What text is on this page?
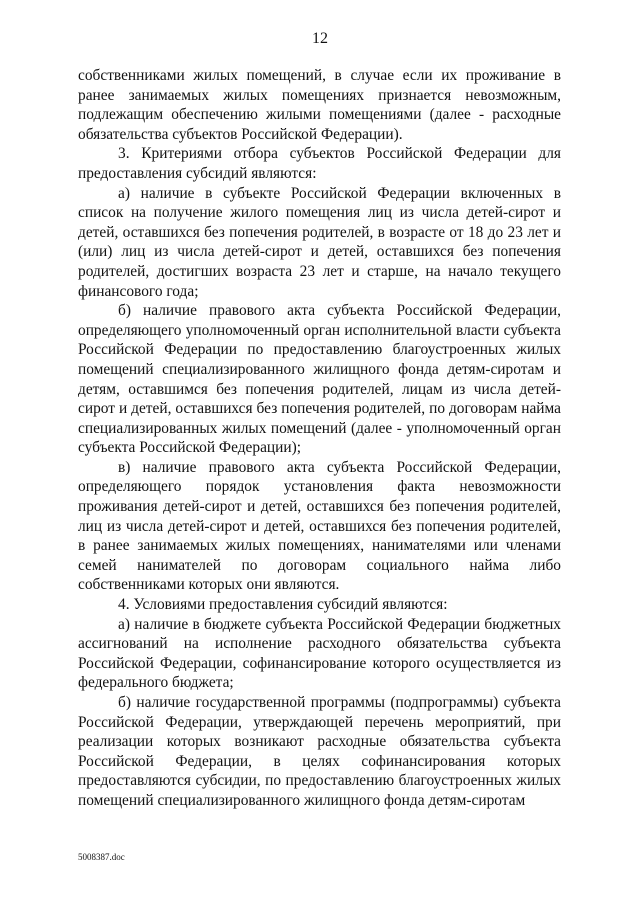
12

собственниками жилых помещений, в случае если их проживание в ранее занимаемых жилых помещениях признается невозможным, подлежащим обеспечению жилыми помещениями (далее - расходные обязательства субъектов Российской Федерации).

3. Критериями отбора субъектов Российской Федерации для предоставления субсидий являются:

а) наличие в субъекте Российской Федерации включенных в список на получение жилого помещения лиц из числа детей-сирот и детей, оставшихся без попечения родителей, в возрасте от 18 до 23 лет и (или) лиц из числа детей-сирот и детей, оставшихся без попечения родителей, достигших возраста 23 лет и старше, на начало текущего финансового года;

б) наличие правового акта субъекта Российской Федерации, определяющего уполномоченный орган исполнительной власти субъекта Российской Федерации по предоставлению благоустроенных жилых помещений специализированного жилищного фонда детям-сиротам и детям, оставшимся без попечения родителей, лицам из числа детей-сирот и детей, оставшихся без попечения родителей, по договорам найма специализированных жилых помещений (далее - уполномоченный орган субъекта Российской Федерации);

в) наличие правового акта субъекта Российской Федерации, определяющего порядок установления факта невозможности проживания детей-сирот и детей, оставшихся без попечения родителей, лиц из числа детей-сирот и детей, оставшихся без попечения родителей, в ранее занимаемых жилых помещениях, нанимателями или членами семей нанимателей по договорам социального найма либо собственниками которых они являются.

4. Условиями предоставления субсидий являются:

а) наличие в бюджете субъекта Российской Федерации бюджетных ассигнований на исполнение расходного обязательства субъекта Российской Федерации, софинансирование которого осуществляется из федерального бюджета;

б) наличие государственной программы (подпрограммы) субъекта Российской Федерации, утверждающей перечень мероприятий, при реализации которых возникают расходные обязательства субъекта Российской Федерации, в целях софинансирования которых предоставляются субсидии, по предоставлению благоустроенных жилых помещений специализированного жилищного фонда детям-сиротам

5008387.doc
